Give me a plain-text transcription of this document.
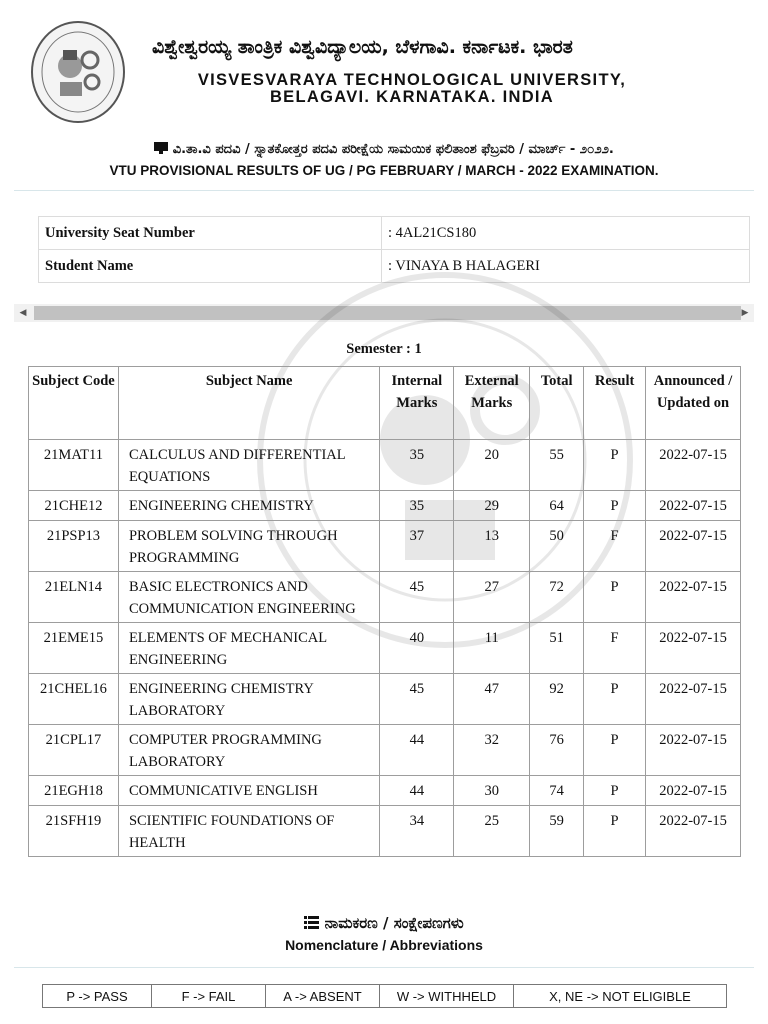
ವಿಶ್ವೇಶ್ವರಯ್ಯ ತಾಂತ್ರಿಕ ವಿಶ್ವವಿದ್ಯಾಲಯ, ಬೆಳಗಾವಿ. ಕರ್ನಾಟಕ. ಭಾರತ
VISVESVARAYA TECHNOLOGICAL UNIVERSITY,
BELAGAVI. KARNATAKA. INDIA
ವಿ.ತಾ.ವಿ ಪದವಿ / ಸ್ನಾತಕೋತ್ತರ ಪದವಿ ಪರೀಕ್ಷೆಯ ಸಾಮಯಿಕ ಫಲಿತಾಂಶ ಫೆಬ್ರವರಿ / ಮಾರ್ಚ್ - ೨೦೨೨.
VTU PROVISIONAL RESULTS OF UG / PG FEBRUARY / MARCH - 2022 EXAMINATION.
University Seat Number	: 4AL21CS180
Student Name	: VINAYA B HALAGERI
◀	▶
Semester : 1
Subject Code	Subject Name	Internal Marks	External Marks	Total	Result	Announced / Updated on
21MAT11	CALCULUS AND DIFFERENTIAL EQUATIONS	35	20	55	P	2022-07-15
21CHE12	ENGINEERING CHEMISTRY	35	29	64	P	2022-07-15
21PSP13	PROBLEM SOLVING THROUGH PROGRAMMING	37	13	50	F	2022-07-15
21ELN14	BASIC ELECTRONICS AND COMMUNICATION ENGINEERING	45	27	72	P	2022-07-15
21EME15	ELEMENTS OF MECHANICAL ENGINEERING	40	11	51	F	2022-07-15
21CHEL16	ENGINEERING CHEMISTRY LABORATORY	45	47	92	P	2022-07-15
21CPL17	COMPUTER PROGRAMMING LABORATORY	44	32	76	P	2022-07-15
21EGH18	COMMUNICATIVE ENGLISH	44	30	74	P	2022-07-15
21SFH19	SCIENTIFIC FOUNDATIONS OF HEALTH	34	25	59	P	2022-07-15
ನಾಮಕರಣ / ಸಂಕ್ಷೇಪಣಗಳು
Nomenclature / Abbreviations
P -> PASS	F -> FAIL	A -> ABSENT	W -> WITHHELD	X, NE -> NOT ELIGIBLE
